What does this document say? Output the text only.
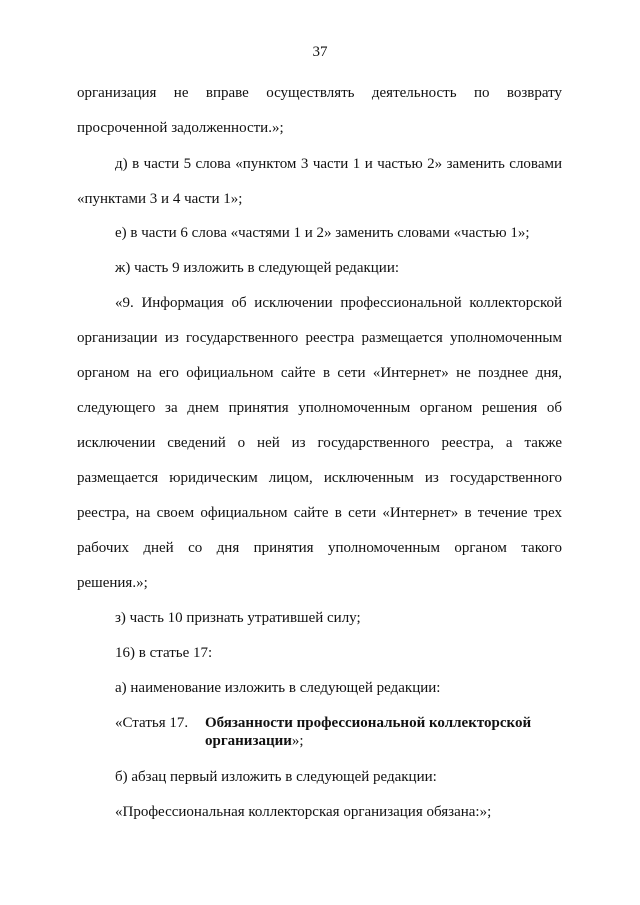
37
организация не вправе осуществлять деятельность по возврату
просроченной задолженности.»;
д) в части 5 слова «пунктом 3 части 1 и частью 2» заменить словами
«пунктами 3 и 4 части 1»;
е) в части 6 слова «частями 1 и 2» заменить словами «частью 1»;
ж) часть 9 изложить в следующей редакции:
«9. Информация об исключении профессиональной коллекторской
организации из государственного реестра размещается уполномоченным
органом на его официальном сайте в сети «Интернет» не позднее дня,
следующего за днем принятия уполномоченным органом решения об
исключении сведений о ней из государственного реестра, а также
размещается юридическим лицом, исключенным из государственного
реестра, на своем официальном сайте в сети «Интернет» в течение трех
рабочих дней со дня принятия уполномоченным органом такого
решения.»;
з) часть 10 признать утратившей силу;
16) в статье 17:
а) наименование изложить в следующей редакции:
«Статья 17. Обязанности профессиональной коллекторской организации»;
б) абзац первый изложить в следующей редакции:
«Профессиональная коллекторская организация обязана:»;
